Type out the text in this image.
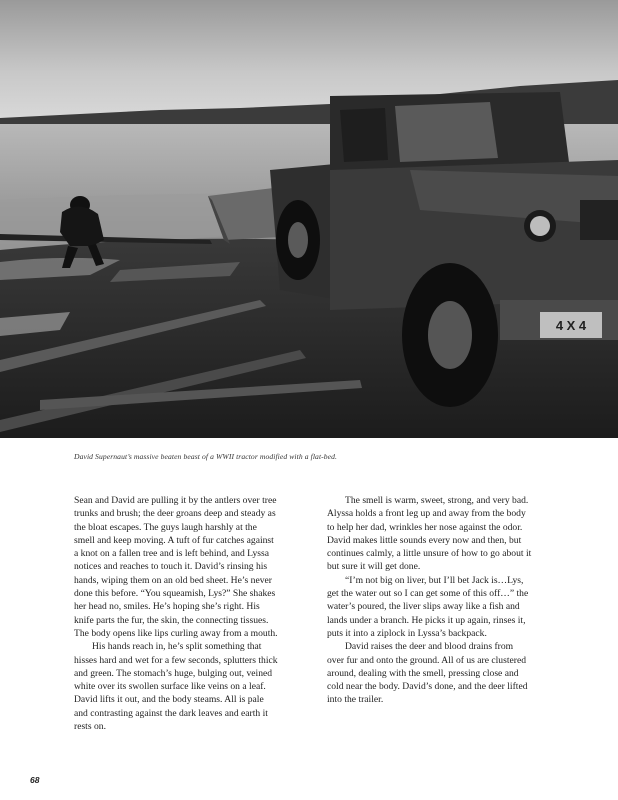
4 X 4
David Supernaut’s massive beaten beast of a WWII tractor modified with a flat-bed.

Sean and David are pulling it by the antlers over tree trunks and brush; the deer groans deep and steady as the bloat escapes. The guys laugh harshly at the smell and keep moving. A tuft of fur catches against a knot on a fallen tree and is left behind, and Lyssa notices and reaches to touch it. David’s rinsing his hands, wiping them on an old bed sheet. He’s never done this before. “You squeamish, Lys?” She shakes her head no, smiles. He’s hoping she’s right. His knife parts the fur, the skin, the connecting tissues. The body opens like lips curling away from a mouth.

His hands reach in, he’s split something that hisses hard and wet for a few seconds, splutters thick and green. The stomach’s huge, bulging out, veined white over its swollen surface like veins on a leaf. David lifts it out, and the body steams. All is pale and contrasting against the dark leaves and earth it rests on.

The smell is warm, sweet, strong, and very bad. Alyssa holds a front leg up and away from the body to help her dad, wrinkles her nose against the odor. David makes little sounds every now and then, but continues calmly, a little unsure of how to go about it but sure it will get done.

“I’m not big on liver, but I’ll bet Jack is…Lys, get the water out so I can get some of this off…” the water’s poured, the liver slips away like a fish and lands under a branch. He picks it up again, rinses it, puts it into a ziplock in Lyssa’s backpack.

David raises the deer and blood drains from over fur and onto the ground. All of us are clustered around, dealing with the smell, pressing close and cold near the body. David’s done, and the deer lifted into the trailer.

68
